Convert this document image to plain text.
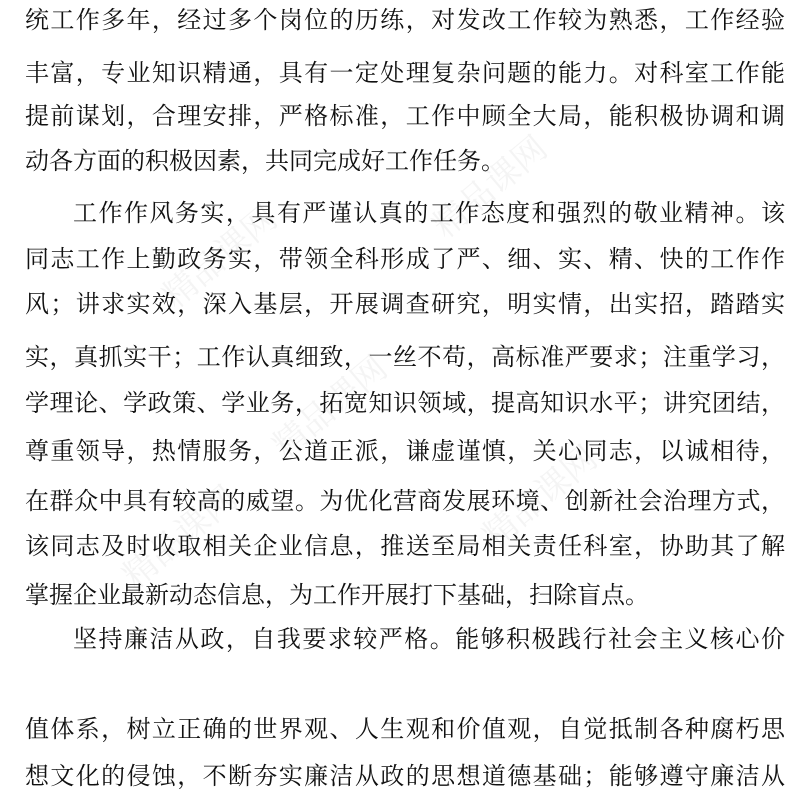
精品课网
精品课网
精品课网
精品课网
精品课网
统工作多年，经过多个岗位的历练，对发改工作较为熟悉，工作经验
丰富，专业知识精通，具有一定处理复杂问题的能力。对科室工作能
提前谋划，合理安排，严格标准，工作中顾全大局，能积极协调和调
动各方面的积极因素，共同完成好工作任务。
工作作风务实，具有严谨认真的工作态度和强烈的敬业精神。该
同志工作上勤政务实，带领全科形成了严、细、实、精、快的工作作
风；讲求实效，深入基层，开展调查研究，明实情，出实招，踏踏实
实，真抓实干；工作认真细致，一丝不苟，高标准严要求；注重学习，
学理论、学政策、学业务，拓宽知识领域，提高知识水平；讲究团结，
尊重领导，热情服务，公道正派，谦虚谨慎，关心同志，以诚相待，
在群众中具有较高的威望。为优化营商发展环境、创新社会治理方式，
该同志及时收取相关企业信息，推送至局相关责任科室，协助其了解
掌握企业最新动态信息，为工作开展打下基础，扫除盲点。
坚持廉洁从政，自我要求较严格。能够积极践行社会主义核心价
值体系，树立正确的世界观、人生观和价值观，自觉抵制各种腐朽思
想文化的侵蚀，不断夯实廉洁从政的思想道德基础；能够遵守廉洁从
